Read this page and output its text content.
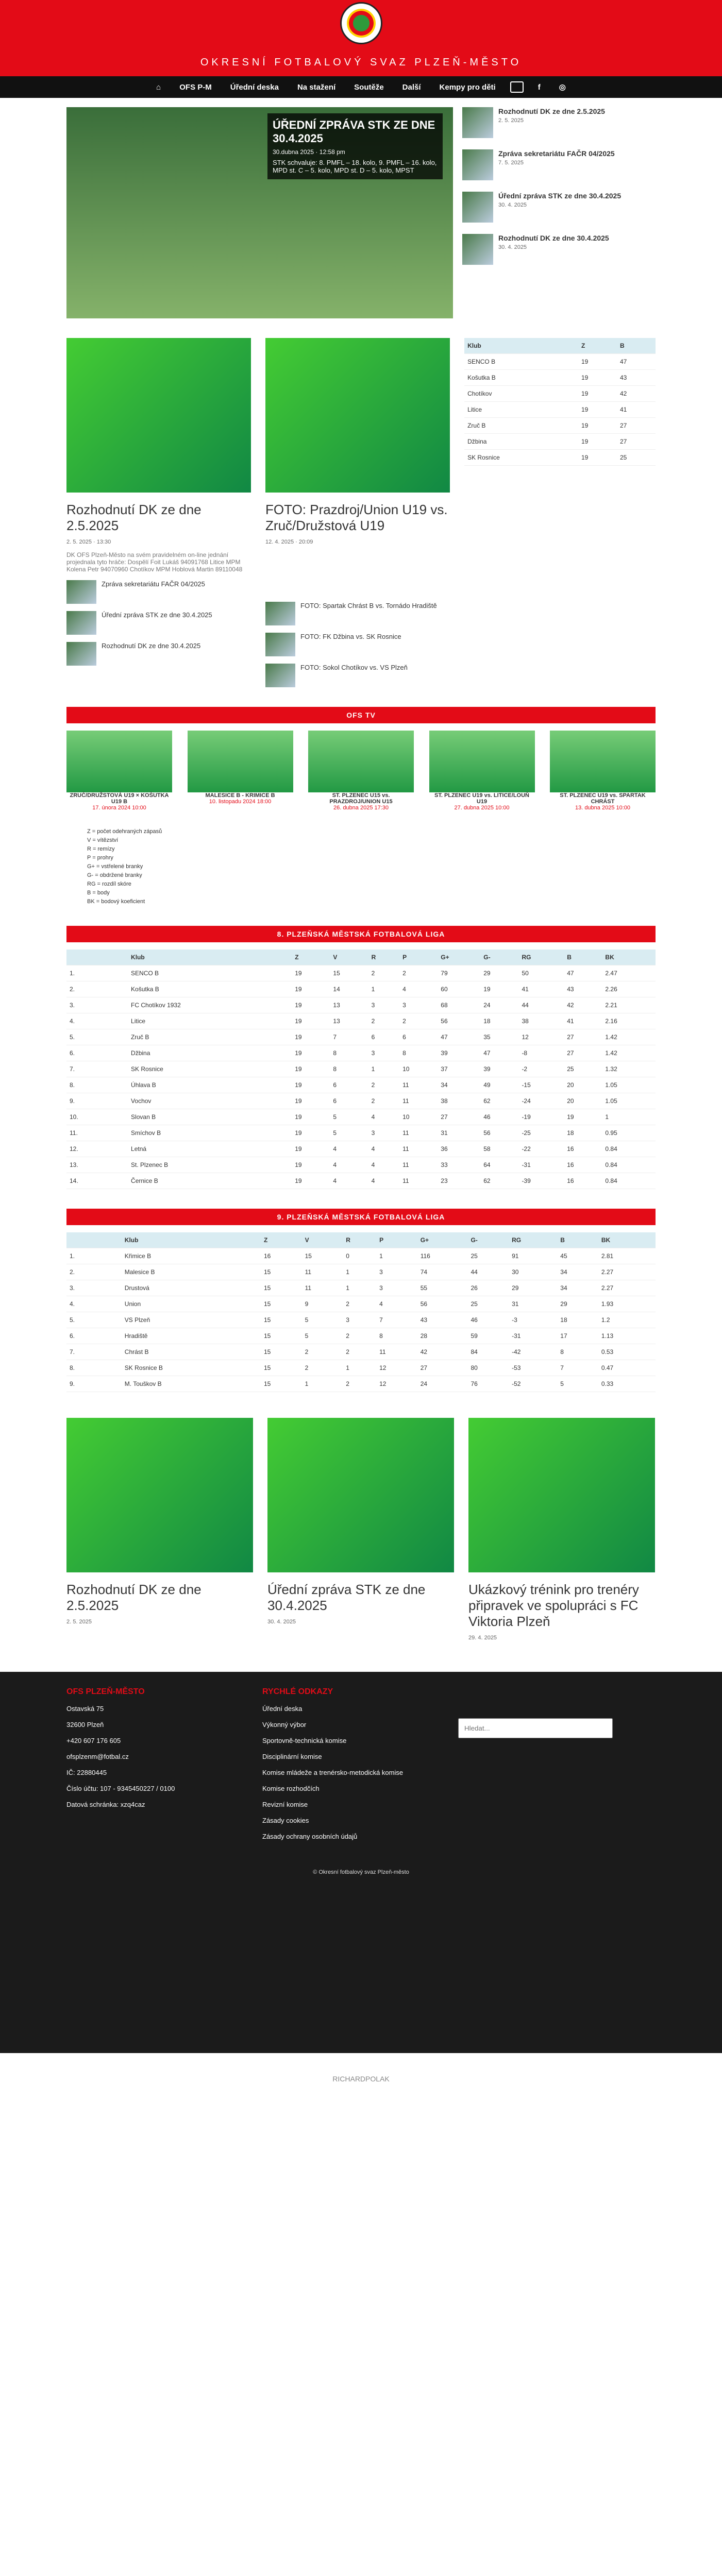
OKRESNÍ FOTBALOVÝ SVAZ PLZEŇ-MĚSTO
⌂ OFS P-M Úřední deska Na stažení Soutěže Další Kempy pro děti	f ◎
ÚŘEDNÍ ZPRÁVA STK ZE DNE 30.4.2025
30.dubna 2025 · 12:58 pm

STK schvaluje: 8. PMFL – 18. kolo, 9. PMFL – 16. kolo, MPD st. C – 5. kolo, MPD st. D – 5. kolo, MPST

Rozhodnutí DK ze dne 2.5.2025
2. 5. 2025
Zpráva sekretariátu FAČR 04/2025
7. 5. 2025
Úřední zpráva STK ze dne 30.4.2025
30. 4. 2025
Rozhodnutí DK ze dne 30.4.2025
30. 4. 2025
Rozhodnutí DK ze dne 2.5.2025
2. 5. 2025 · 13:30

DK OFS Plzeň-Město na svém pravidelném on-line jednání projednala tyto hráče: Dospělí Foit Lukáš 94091768 Litice MPM Kolena Petr 94070960 Chotíkov MPM Hoblová Martin 89110048

Zpráva sekretariátu FAČR 04/2025
Úřední zpráva STK ze dne 30.4.2025
Rozhodnutí DK ze dne 30.4.2025
FOTO: Prazdroj/Union U19 vs. Zruč/Družstová U19
12. 4. 2025 · 20:09
FOTO: Spartak Chrást B vs. Tornádo Hradiště
FOTO: FK Džbina vs. SK Rosnice
FOTO: Sokol Chotíkov vs. VS Plzeň
Klub	Z	B
SENCO B	19	47
Košutka B	19	43
Chotíkov	19	42
Litice	19	41
Zruč B	19	27
Džbina	19	27
SK Rosnice	19	25
OFS TV
ZRUČ/DRUŽSTOVÁ U19 × KOŠUTKA U19 B
17. února 2024 10:00
MALESICE B - KRIMICE B
10. listopadu 2024 18:00
ST. PLZENEC U15 vs. PRAZDROJ/UNION U15
26. dubna 2025 17:30
ST. PLZENEC U19 vs. LITICE/LOUŇ U19
27. dubna 2025 10:00
ST. PLZENEC U19 vs. SPARTAK CHRÁST
13. dubna 2025 10:00
Z = počet odehraných zápasů
V = vítězství
R = remízy
P = prohry
G+ = vstřelené branky
G- = obdržené branky
RG = rozdíl skóre
B = body
BK = bodový koeficient
8. PLZEŇSKÁ MĚSTSKÁ FOTBALOVÁ LIGA
		Klub	Z	V	R	P	G+	G-	RG	B	BK
1.		SENCO B	19	15	2	2	79	29	50	47	2.47
2.		Košutka B	19	14	1	4	60	19	41	43	2.26
3.		FC Chotíkov 1932	19	13	3	3	68	24	44	42	2.21
4.		Litice	19	13	2	2	56	18	38	41	2.16
5.		Zruč B	19	7	6	6	47	35	12	27	1.42
6.		Džbina	19	8	3	8	39	47	-8	27	1.42
7.		SK Rosnice	19	8	1	10	37	39	-2	25	1.32
8.		Úhlava B	19	6	2	11	34	49	-15	20	1.05
9.		Vochov	19	6	2	11	38	62	-24	20	1.05
10.		Slovan B	19	5	4	10	27	46	-19	19	1
11.		Smíchov B	19	5	3	11	31	56	-25	18	0.95
12.		Letná	19	4	4	11	36	58	-22	16	0.84
13.		St. Plzenec B	19	4	4	11	33	64	-31	16	0.84
14.		Černice B	19	4	4	11	23	62	-39	16	0.84
9. PLZEŇSKÁ MĚSTSKÁ FOTBALOVÁ LIGA
		Klub	Z	V	R	P	G+	G-	RG	B	BK
1.		Křimice B	16	15	0	1	116	25	91	45	2.81
2.		Malesice B	15	11	1	3	74	44	30	34	2.27
3.		Drustová	15	11	1	3	55	26	29	34	2.27
4.		Union	15	9	2	4	56	25	31	29	1.93
5.		VS Plzeň	15	5	3	7	43	46	-3	18	1.2
6.		Hradiště	15	5	2	8	28	59	-31	17	1.13
7.		Chrást B	15	2	2	11	42	84	-42	8	0.53
8.		SK Rosnice B	15	2	1	12	27	80	-53	7	0.47
9.		M. Touškov B	15	1	2	12	24	76	-52	5	0.33
Rozhodnutí DK ze dne 2.5.2025
2. 5. 2025
Úřední zpráva STK ze dne 30.4.2025
30. 4. 2025
Ukázkový trénink pro trenéry připravek ve spolupráci s FC Viktoria Plzeň
29. 4. 2025
OFS PLZEŇ-MĚSTO
Ostavská 75
32600 Plzeň
+420 607 176 605
ofsplzenm@fotbal.cz
IČ: 22880445
Číslo účtu: 107 - 9345450227 / 0100
Datová schránka: xzq4caz
RYCHLÉ ODKAZY
Úřední deska
Výkonný výbor
Sportovně-technická komise
Disciplinární komise
Komise mládeže a trenérsko-metodická komise
Komise rozhodčích
Revizní komise
Zásady cookies
Zásady ochrany osobních údajů
Hledat...
© Okresní fotbalový svaz Plzeň-město
RICHARDPOLAK
